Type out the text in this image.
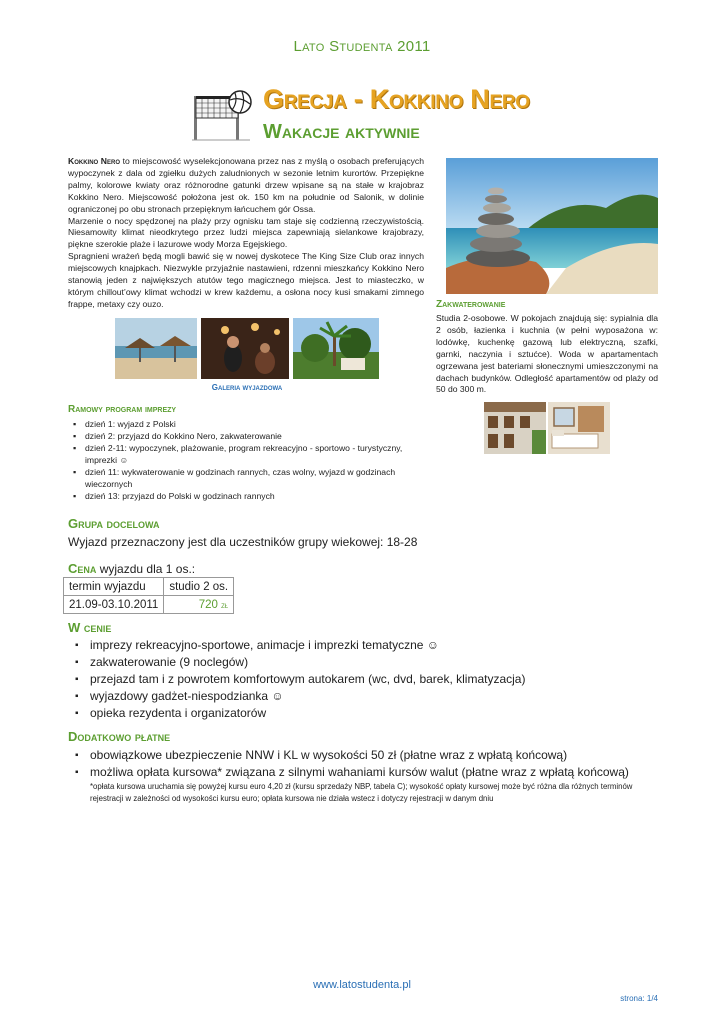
Lato Studenta 2011
Grecja - Kokkino Nero
Wakacje aktywnie

Kokkino Nero to miejscowość wyselekcjonowana przez nas z myślą o osobach preferujących wypoczynek z dala od zgiełku dużych zaludnionych w sezonie letnim kurortów. Przepiękne palmy, kolorowe kwiaty oraz różnorodne gatunki drzew wpisane są na stałe w krajobraz Kokkino Nero. Miejscowość położona jest ok. 150 km na południe od Salonik, w dolinie ograniczonej po obu stronach przepięknym łańcuchem gór Ossa.

Marzenie o nocy spędzonej na plaży przy ognisku tam staje się codzienną rzeczywistością. Niesamowity klimat nieodkrytego przez ludzi miejsca zapewniają sielankowe krajobrazy, piękne szerokie plaże i lazurowe wody Morza Egejskiego.

Spragnieni wrażeń będą mogli bawić się w nowej dyskotece The King Size Club oraz innych miejscowych knajpkach. Niezwykle przyjaźnie nastawieni, rdzenni mieszkańcy Kokkino Nero stanowią jeden z największych atutów tego magicznego miejsca. Jest to miasteczko, w którym chillout’owy klimat wchodzi w krew każdemu, a osłona nocy kusi smakami zimnego frappe, metaxy czy ouzo.

Galeria wyjazdowa
Zakwaterowanie
Studia 2-osobowe. W pokojach znajdują się: sypialnia dla 2 osób, łazienka i kuchnia (w pełni wyposażona w: lodówkę, kuchenkę gazową lub elektryczną, szafki, garnki, naczynia i sztućce). Woda w apartamentach ogrzewana jest bateriami słonecznymi umieszczonymi na dachach budynków. Odległość apartamentów od plaży od 50 do 300 m.
Ramowy program imprezy
▪ dzień 1: wyjazd z Polski
▪ dzień 2: przyjazd do Kokkino Nero, zakwaterowanie
▪ dzień 2-11: wypoczynek, plażowanie, program rekreacyjno - sportowo - turystyczny, imprezki ☺
▪ dzień 11: wykwaterowanie w godzinach rannych, czas wolny, wyjazd w godzinach wieczornych
▪ dzień 13: przyjazd do Polski w godzinach rannych
Grupa docelowa
Wyjazd przeznaczony jest dla uczestników grupy wiekowej: 18-28
Cena wyjazdu dla 1 os.:
termin wyjazdu	studio 2 os.
21.09-03.10.2011	720 zł
W cenie
▪ imprezy rekreacyjno-sportowe, animacje i imprezki tematyczne ☺
▪ zakwaterowanie (9 noclegów)
▪ przejazd tam i z powrotem komfortowym autokarem (wc, dvd, barek, klimatyzacja)
▪ wyjazdowy gadżet-niespodzianka ☺
▪ opieka rezydenta i organizatorów
Dodatkowo płatne
▪ obowiązkowe ubezpieczenie NNW i KL w wysokości 50 zł (płatne wraz z wpłatą końcową)
▪ możliwa opłata kursowa* związana z silnymi wahaniami kursów walut (płatne wraz z wpłatą końcową)
*opłata kursowa uruchamia się powyżej kursu euro 4,20 zł (kursu sprzedaży NBP, tabela C); wysokość opłaty kursowej może być różna dla różnych terminów rejestracji w zależności od wysokości kursu euro; opłata kursowa nie działa wstecz i dotyczy rejestracji w danym dniu
www.latostudenta.pl
strona: 1/4
